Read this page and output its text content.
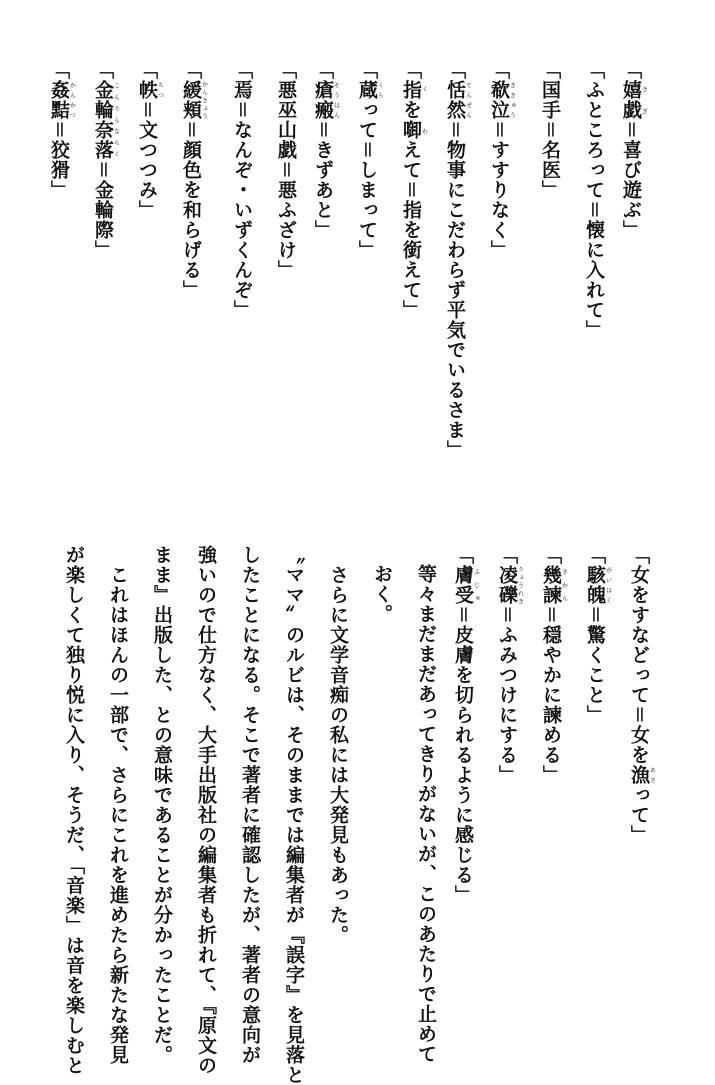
「姦黠かんかつ＝狡猾」
「金輪奈落こんりんならく＝金輪際」
「帙ちつ＝文つつみ」
「緩頬かんきょう＝顔色を和らげる」 「焉＝なんぞ・いずくんぞ」 「悪巫山戯＝悪ふざけ」 「瘡瘢そうはん＝きずあと」
「蔵くらって＝しまって」
「指を啣くわえて＝指を銜えて」
「恬然てんぜん＝物事にこだわらず平気でいるさま」
「欷泣ききゅう＝すすりなく」 「国手＝名医」 「ふところって＝懐に入れて」 「嬉戯きぎ＝喜び遊ぶ」
「女をすなどって＝女を漁あさって」
「駭魄がいはく＝驚くこと」
「幾諫きかん＝穏やかに諫める」
「凌礫りょうれき＝ふみつけにする」
「膚受ふじゅ＝皮膚を切られるように感じる」
等々まだまだあってきりがないが、このあたりで止めて
おく。
　さらに文学音痴の私には大発見もあった。
〝ママ〟のルビは、そのままでは編集者が『誤字』を見落と
したことになる。そこで著者に確認したが、著者の意向が
強いので仕方なく、大手出版社の編集者も折れて、『原文の
まま』出版した、との意味であることが分かったことだ。
　これはほんの一部で、さらにこれを進めたら新たな発見
が楽しくて独り悦に入り、そうだ、「音楽」は音を楽しむと
